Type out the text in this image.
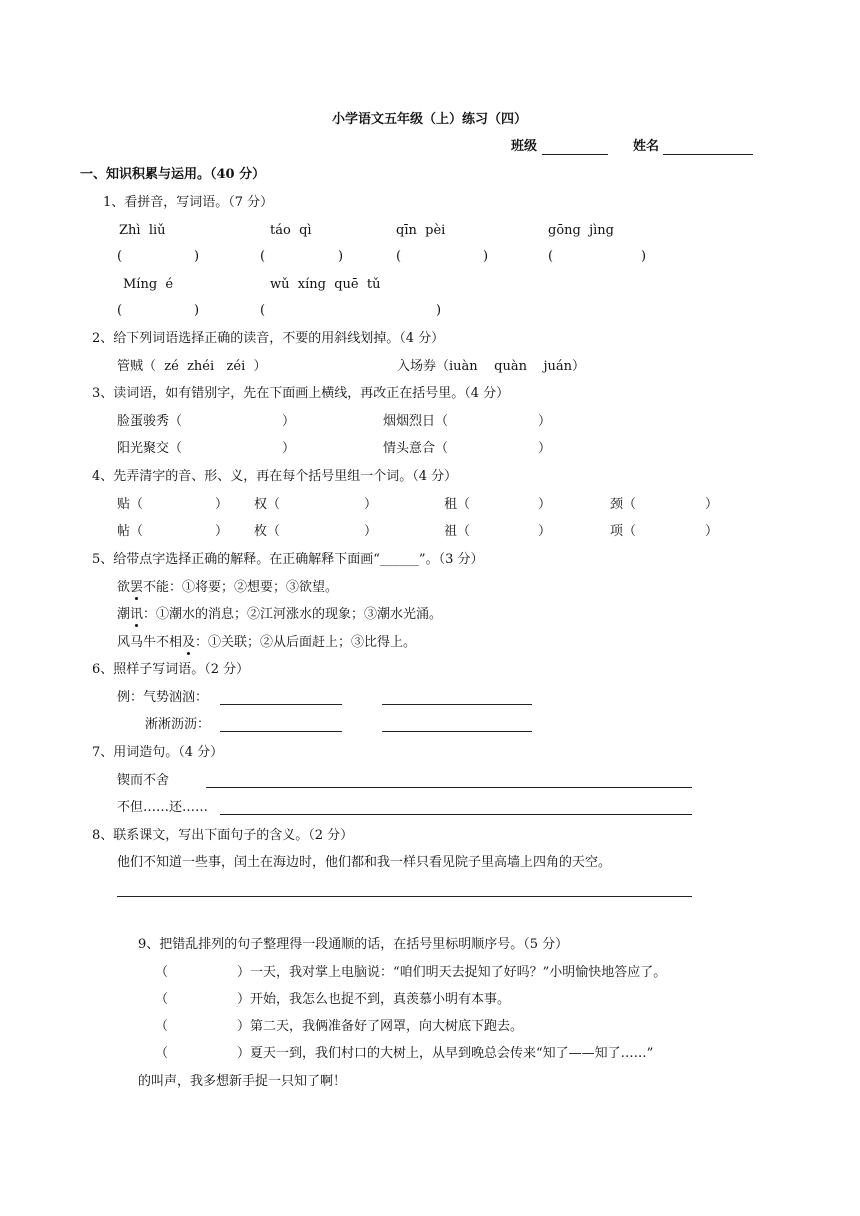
小学语文五年级（上）练习（四）
班级	姓名
一、知识积累与运用。（40 分）
1、看拼音，写词语。（7 分）
Zhì  liǔ	táo  qì	qīn  pèi	gōng  jìng
(	)	(	)	(	)	(	)
Míng  é	wǔ  xíng  quē  tǔ
(	)	(	)
2、给下列词语选择正确的读音，不要的用斜线划掉。（4 分）
管贼（  zé  zhéi   zéi  ）	入场券（iuàn    quàn    juán）
3、读词语，如有错别字，先在下面画上横线，再改正在括号里。（4 分）
脸蛋骏秀（	）	烟烟烈日（	）
阳光聚交（	）	情头意合（	）
4、先弄清字的音、形、义，再在每个括号里组一个词。（4 分）
贴（	） 权（	）	租（	）	颈（	）
帖（	） 枚（	）	祖（	）	项（	）
5、给带点字选择正确的解释。在正确解释下面画“______”。（3 分）
欲罢不能：①将要；②想要；③欲望。
潮讯：①潮水的消息；②江河涨水的现象；③潮水光涌。
风马牛不相及：①关联；②从后面赶上；③比得上。
6、照样子写词语。（2 分）
例：气势汹汹：
淅淅沥沥：
7、用词造句。（4 分）
锲而不舍
不但……还……
8、联系课文，写出下面句子的含义。（2 分）
他们不知道一些事，闰土在海边时，他们都和我一样只看见院子里高墙上四角的天空。
9、把错乱排列的句子整理得一段通顺的话，在括号里标明顺序号。（5 分）
（	）一天，我对掌上电脑说：“咱们明天去捉知了好吗？”小明愉快地答应了。
（	）开始，我怎么也捉不到，真羡慕小明有本事。
（	）第二天，我俩准备好了网罩，向大树底下跑去。
（	）夏天一到，我们村口的大树上，从早到晚总会传来“知了——知了……”
的叫声，我多想新手捉一只知了啊！
